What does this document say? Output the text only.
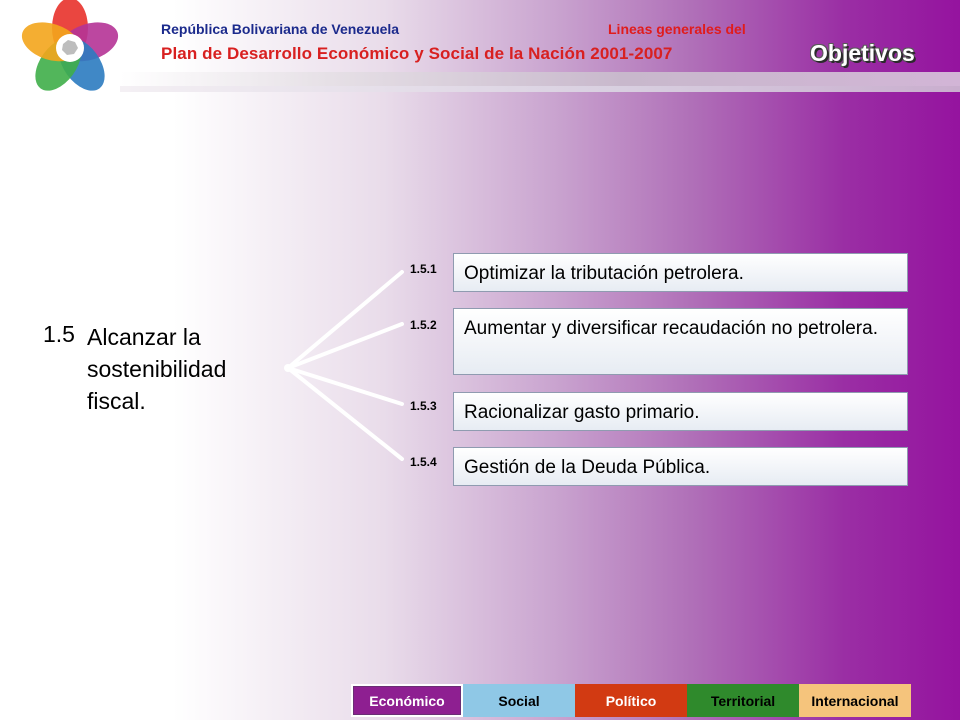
República Bolivariana de Venezuela	Lineas generales del
Plan de Desarrollo Económico y Social de la Nación 2001-2007	Objetivos
1.5 Alcanzar la sostenibilidad fiscal.
1.5.1	Optimizar la tributación petrolera.
1.5.2	Aumentar y diversificar recaudación no petrolera.
1.5.3	Racionalizar gasto primario.
1.5.4	Gestión de la Deuda Pública.
Económico	Social	Político	Territorial	Internacional
